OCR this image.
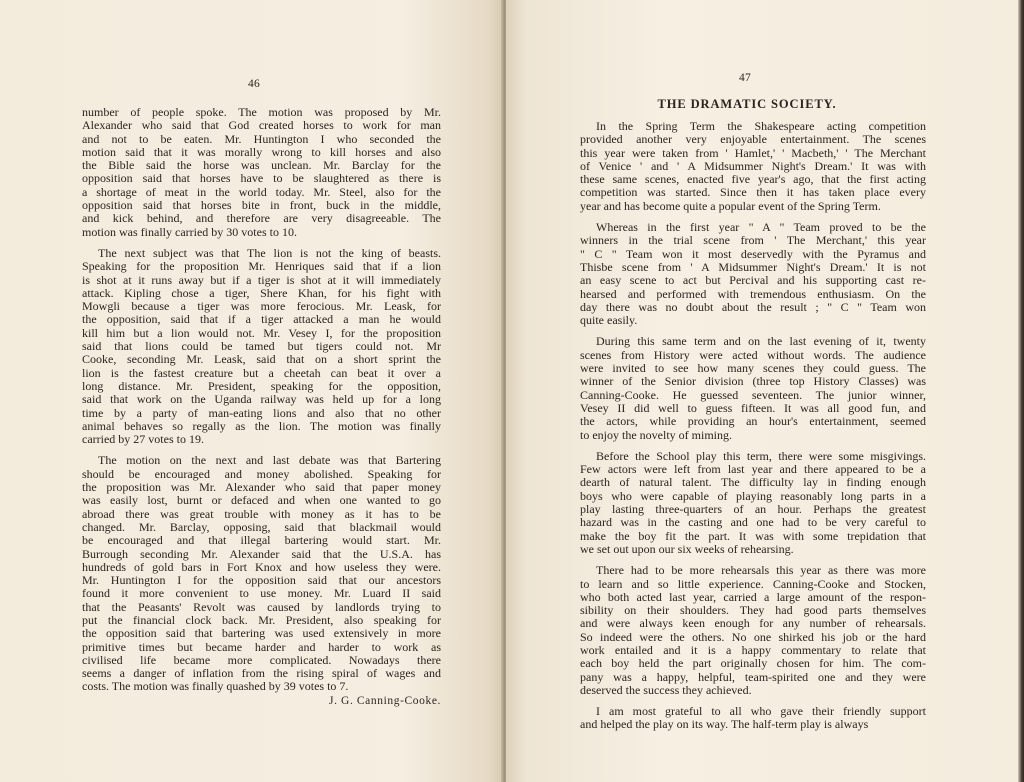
46
number of people spoke. The motion was proposed by Mr.
Alexander who said that God created horses to work for man
and not to be eaten. Mr. Huntington I who seconded the
motion said that it was morally wrong to kill horses and also
the Bible said the horse was unclean. Mr. Barclay for the
opposition said that horses have to be slaughtered as there is
a shortage of meat in the world today. Mr. Steel, also for the
opposition said that horses bite in front, buck in the middle,
and kick behind, and therefore are very disagreeable. The
motion was finally carried by 30 votes to 10.
The next subject was that The lion is not the king of beasts.
Speaking for the proposition Mr. Henriques said that if a lion
is shot at it runs away but if a tiger is shot at it will immediately
attack. Kipling chose a tiger, Shere Khan, for his fight with
Mowgli because a tiger was more ferocious. Mr. Leask, for
the opposition, said that if a tiger attacked a man he would
kill him but a lion would not. Mr. Vesey I, for the proposition
said that lions could be tamed but tigers could not. Mr
Cooke, seconding Mr. Leask, said that on a short sprint the
lion is the fastest creature but a cheetah can beat it over a
long distance. Mr. President, speaking for the opposition,
said that work on the Uganda railway was held up for a long
time by a party of man-eating lions and also that no other
animal behaves so regally as the lion. The motion was finally
carried by 27 votes to 19.
The motion on the next and last debate was that Bartering
should be encouraged and money abolished. Speaking for
the proposition was Mr. Alexander who said that paper money
was easily lost, burnt or defaced and when one wanted to go
abroad there was great trouble with money as it has to be
changed. Mr. Barclay, opposing, said that blackmail would
be encouraged and that illegal bartering would start. Mr.
Burrough seconding Mr. Alexander said that the U.S.A. has
hundreds of gold bars in Fort Knox and how useless they were.
Mr. Huntington I for the opposition said that our ancestors
found it more convenient to use money. Mr. Luard II said
that the Peasants' Revolt was caused by landlords trying to
put the financial clock back. Mr. President, also speaking for
the opposition said that bartering was used extensively in more
primitive times but became harder and harder to work as
civilised life became more complicated. Nowadays there
seems a danger of inflation from the rising spiral of wages and
costs. The motion was finally quashed by 39 votes to 7.
J. G. Canning-Cooke.
47
THE DRAMATIC SOCIETY.
In the Spring Term the Shakespeare acting competition
provided another very enjoyable entertainment. The scenes
this year were taken from ' Hamlet,' ' Macbeth,' ' The Merchant
of Venice ' and ' A Midsummer Night's Dream.' It was with
these same scenes, enacted five year's ago, that the first acting
competition was started. Since then it has taken place every
year and has become quite a popular event of the Spring Term.
Whereas in the first year " A " Team proved to be the
winners in the trial scene from ' The Merchant,' this year
" C " Team won it most deservedly with the Pyramus and
Thisbe scene from ' A Midsummer Night's Dream.' It is not
an easy scene to act but Percival and his supporting cast re-
hearsed and performed with tremendous enthusiasm. On the
day there was no doubt about the result ; " C " Team won
quite easily.
During this same term and on the last evening of it, twenty
scenes from History were acted without words. The audience
were invited to see how many scenes they could guess. The
winner of the Senior division (three top History Classes) was
Canning-Cooke. He guessed seventeen. The junior winner,
Vesey II did well to guess fifteen. It was all good fun, and
the actors, while providing an hour's entertainment, seemed
to enjoy the novelty of miming.
Before the School play this term, there were some misgivings.
Few actors were left from last year and there appeared to be a
dearth of natural talent. The difficulty lay in finding enough
boys who were capable of playing reasonably long parts in a
play lasting three-quarters of an hour. Perhaps the greatest
hazard was in the casting and one had to be very careful to
make the boy fit the part. It was with some trepidation that
we set out upon our six weeks of rehearsing.
There had to be more rehearsals this year as there was more
to learn and so little experience. Canning-Cooke and Stocken,
who both acted last year, carried a large amount of the respon-
sibility on their shoulders. They had good parts themselves
and were always keen enough for any number of rehearsals.
So indeed were the others. No one shirked his job or the hard
work entailed and it is a happy commentary to relate that
each boy held the part originally chosen for him. The com-
pany was a happy, helpful, team-spirited one and they were
deserved the success they achieved.
I am most grateful to all who gave their friendly support
and helped the play on its way. The half-term play is always
